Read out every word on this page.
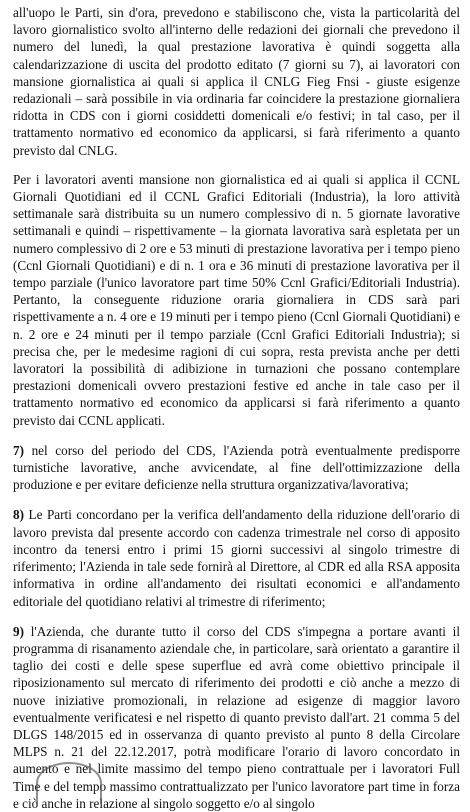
all'uopo le Parti, sin d'ora, prevedono e stabiliscono che, vista la particolarità del lavoro giornalistico svolto all'interno delle redazioni dei giornali che prevedono il numero del lunedì, la qual prestazione lavorativa è quindi soggetta alla calendarizzazione di uscita del prodotto editato (7 giorni su 7), ai lavoratori con mansione giornalistica ai quali si applica il CNLG Fieg Fnsi - giuste esigenze redazionali – sarà possibile in via ordinaria far coincidere la prestazione giornaliera ridotta in CDS con i giorni cosiddetti domenicali e/o festivi; in tal caso, per il trattamento normativo ed economico da applicarsi, si farà riferimento a quanto previsto dal CNLG.

Per i lavoratori aventi mansione non giornalistica ed ai quali si applica il CCNL Giornali Quotidiani ed il CCNL Grafici Editoriali (Industria), la loro attività settimanale sarà distribuita su un numero complessivo di n. 5 giornate lavorative settimanali e quindi – rispettivamente – la giornata lavorativa sarà espletata per un numero complessivo di 2 ore e 53 minuti di prestazione lavorativa per i tempo pieno (Ccnl Giornali Quotidiani) e di n. 1 ora e 36 minuti di prestazione lavorativa per il tempo parziale (l'unico lavoratore part time 50% Ccnl Grafici/Editoriali Industria). Pertanto, la conseguente riduzione oraria giornaliera in CDS sarà pari rispettivamente a n. 4 ore e 19 minuti per i tempo pieno (Ccnl Giornali Quotidiani) e n. 2 ore e 24 minuti per il tempo parziale (Ccnl Grafici Editoriali Industria); si precisa che, per le medesime ragioni di cui sopra, resta prevista anche per detti lavoratori la possibilità di adibizione in turnazioni che possano contemplare prestazioni domenicali ovvero prestazioni festive ed anche in tale caso per il trattamento normativo ed economico da applicarsi si farà riferimento a quanto previsto dai CCNL applicati.

7) nel corso del periodo del CDS, l'Azienda potrà eventualmente predisporre turnistiche lavorative, anche avvicendate, al fine dell'ottimizzazione della produzione e per evitare deficienze nella struttura organizzativa/lavorativa;

8) Le Parti concordano per la verifica dell'andamento della riduzione dell'orario di lavoro prevista dal presente accordo con cadenza trimestrale nel corso di apposito incontro da tenersi entro i primi 15 giorni successivi al singolo trimestre di riferimento; l'Azienda in tale sede fornirà al Direttore, al CDR ed alla RSA apposita informativa in ordine all'andamento dei risultati economici e all'andamento editoriale del quotidiano relativi al trimestre di riferimento;

9) l'Azienda, che durante tutto il corso del CDS s'impegna a portare avanti il programma di risanamento aziendale che, in particolare, sarà orientato a garantire il taglio dei costi e delle spese superflue ed avrà come obiettivo principale il riposizionamento sul mercato di riferimento dei prodotti e ciò anche a mezzo di nuove iniziative promozionali, in relazione ad esigenze di maggior lavoro eventualmente verificatesi e nel rispetto di quanto previsto dall'art. 21 comma 5 del DLGS 148/2015 ed in osservanza di quanto previsto al punto 8 della Circolare MLPS n. 21 del 22.12.2017, potrà modificare l'orario di lavoro concordato in aumento e nel limite massimo del tempo pieno contrattuale per i lavoratori Full Time e del tempo massimo contrattualizzato per l'unico lavoratore part time in forza e ciò anche in relazione al singolo soggetto e/o al singolo
